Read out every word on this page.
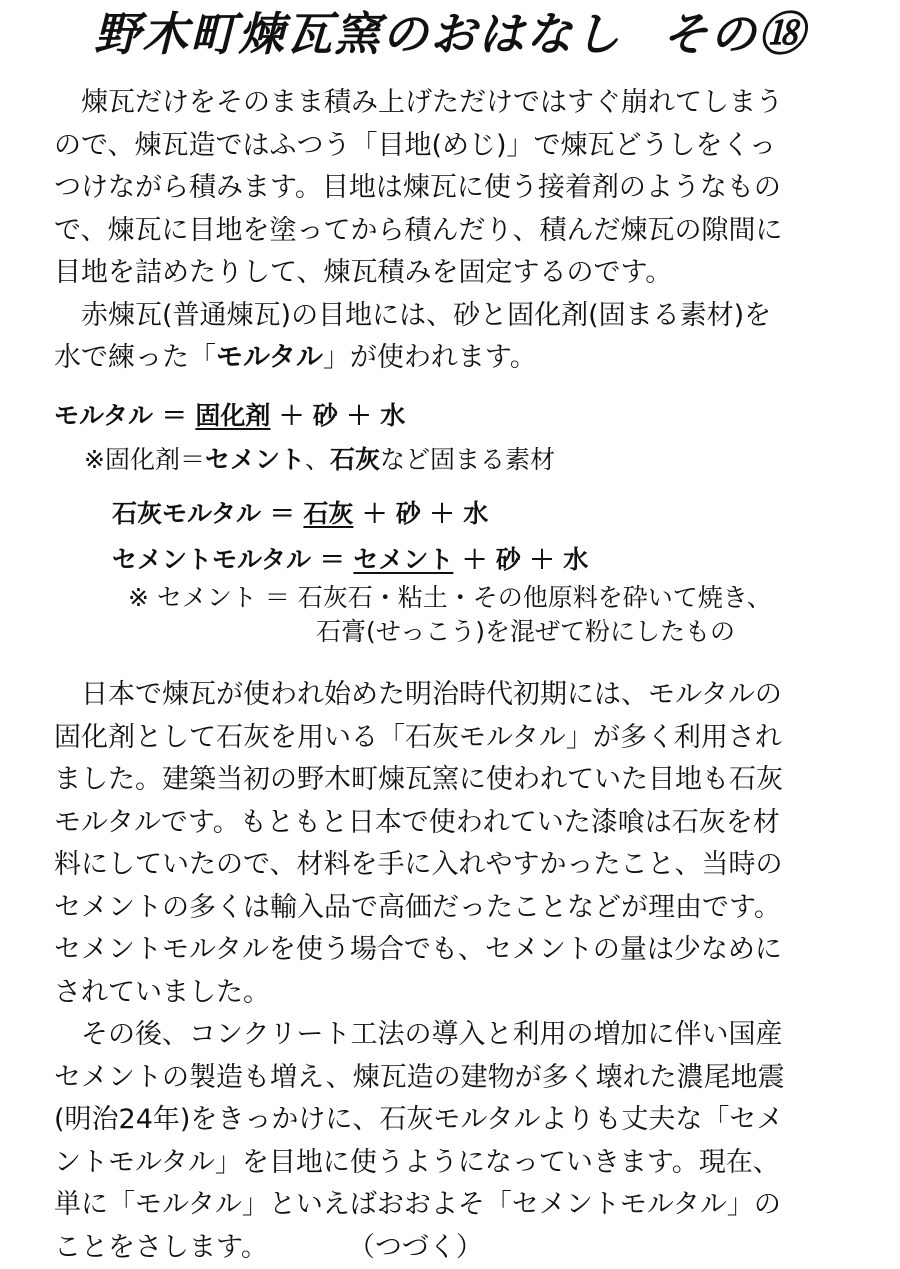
野木町煉瓦窯のおはなし その⑱
　煉瓦だけをそのまま積み上げただけではすぐ崩れてしまう
ので、煉瓦造ではふつう「目地(めじ)」で煉瓦どうしをくっ
つけながら積みます。目地は煉瓦に使う接着剤のようなもの
で、煉瓦に目地を塗ってから積んだり、積んだ煉瓦の隙間に
目地を詰めたりして、煉瓦積みを固定するのです。
　赤煉瓦(普通煉瓦)の目地には、砂と固化剤(固まる素材)を
水で練った「モルタル」が使われます。
モルタル ＝ 固化剤 ＋ 砂 ＋ 水
※固化剤＝セメント、石灰など固まる素材
石灰モルタル ＝ 石灰 ＋ 砂 ＋ 水
セメントモルタル ＝ セメント ＋ 砂 ＋ 水
※ セメント ＝ 石灰石・粘土・その他原料を砕いて焼き、
石膏(せっこう)を混ぜて粉にしたもの
　日本で煉瓦が使われ始めた明治時代初期には、モルタルの
固化剤として石灰を用いる「石灰モルタル」が多く利用され
ました。建築当初の野木町煉瓦窯に使われていた目地も石灰
モルタルです。もともと日本で使われていた漆喰は石灰を材
料にしていたので、材料を手に入れやすかったこと、当時の
セメントの多くは輸入品で高価だったことなどが理由です。
セメントモルタルを使う場合でも、セメントの量は少なめに
されていました。
　その後、コンクリート工法の導入と利用の増加に伴い国産
セメントの製造も増え、煉瓦造の建物が多く壊れた濃尾地震
(明治24年)をきっかけに、石灰モルタルよりも丈夫な「セメ
ントモルタル」を目地に使うようになっていきます。現在、
単に「モルタル」といえばおおよそ「セメントモルタル」の
ことをさします。	（つづく）
